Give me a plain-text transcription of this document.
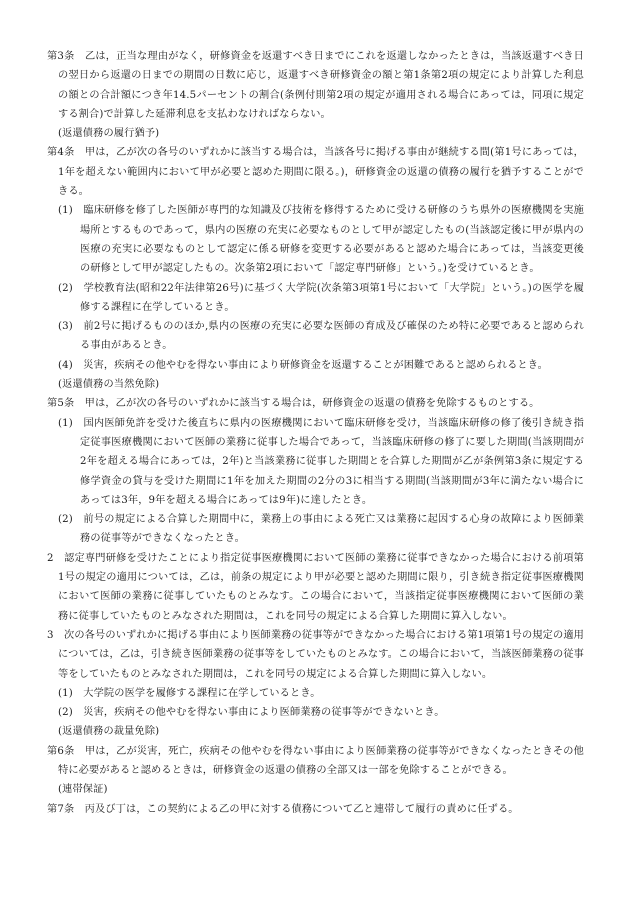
第3条　 乙は，正当な理由がなく，研修資金を返還すべき日までにこれを返還しなかったときは，当該返還すべき日の翌日から返還の日までの期間の日数に応じ，返還すべき研修資金の額と第1条第2項の規定により計算した利息の額との合計額につき年14.5パーセントの割合(条例付則第2項の規定が適用される場合にあっては，同項に規定する割合)で計算した延滞利息を支払わなければならない。

(返還債務の履行猶予)

第4条　 甲は，乙が次の各号のいずれかに該当する場合は，当該各号に掲げる事由が継続する間(第1号にあっては，1年を超えない範囲内において甲が必要と認めた期間に限る。)，研修資金の返還の債務の履行を猶予することができる。

(1)　 臨床研修を修了した医師が専門的な知識及び技術を修得するために受ける研修のうち県外の医療機関を実施場所とするものであって，県内の医療の充実に必要なものとして甲が認定したもの(当該認定後に甲が県内の医療の充実に必要なものとして認定に係る研修を変更する必要があると認めた場合にあっては，当該変更後の研修として甲が認定したもの。次条第2項において「認定専門研修」という。)を受けているとき。

(2)　 学校教育法(昭和22年法律第26号)に基づく大学院(次条第3項第1号において「大学院」という。)の医学を履修する課程に在学しているとき。

(3)　 前2号に掲げるもののほか,県内の医療の充実に必要な医師の育成及び確保のため特に必要であると認められる事由があるとき。

(4)　 災害，疾病その他やむを得ない事由により研修資金を返還することが困難であると認められるとき。

(返還債務の当然免除)

第5条　 甲は，乙が次の各号のいずれかに該当する場合は，研修資金の返還の債務を免除するものとする。

(1)　 国内医師免許を受けた後直ちに県内の医療機関において臨床研修を受け，当該臨床研修の修了後引き続き指定従事医療機関において医師の業務に従事した場合であって，当該臨床研修の修了に要した期間(当該期間が2年を超える場合にあっては，2年)と当該業務に従事した期間とを合算した期間が乙が条例第3条に規定する修学資金の貸与を受けた期間に1年を加えた期間の2分の3に相当する期間(当該期間が3年に満たない場合にあっては3年，9年を超える場合にあっては9年)に達したとき。

(2)　 前号の規定による合算した期間中に，業務上の事由による死亡又は業務に起因する心身の故障により医師業務の従事等ができなくなったとき。

2　 認定専門研修を受けたことにより指定従事医療機関において医師の業務に従事できなかった場合における前項第1号の規定の適用については，乙は，前条の規定により甲が必要と認めた期間に限り，引き続き指定従事医療機関において医師の業務に従事していたものとみなす。この場合において，当該指定従事医療機関において医師の業務に従事していたものとみなされた期間は，これを同号の規定による合算した期間に算入しない。

3　 次の各号のいずれかに掲げる事由により医師業務の従事等ができなかった場合における第1項第1号の規定の適用については，乙は，引き続き医師業務の従事等をしていたものとみなす。この場合において，当該医師業務の従事等をしていたものとみなされた期間は，これを同号の規定による合算した期間に算入しない。

(1)　 大学院の医学を履修する課程に在学しているとき。

(2)　 災害，疾病その他やむを得ない事由により医師業務の従事等ができないとき。

(返還債務の裁量免除)

第6条　 甲は，乙が災害，死亡，疾病その他やむを得ない事由により医師業務の従事等ができなくなったときその他特に必要があると認めるときは，研修資金の返還の債務の全部又は一部を免除することができる。

(連帯保証)

第7条　 丙及び丁は，この契約による乙の甲に対する債務について乙と連帯して履行の責めに任ずる。
